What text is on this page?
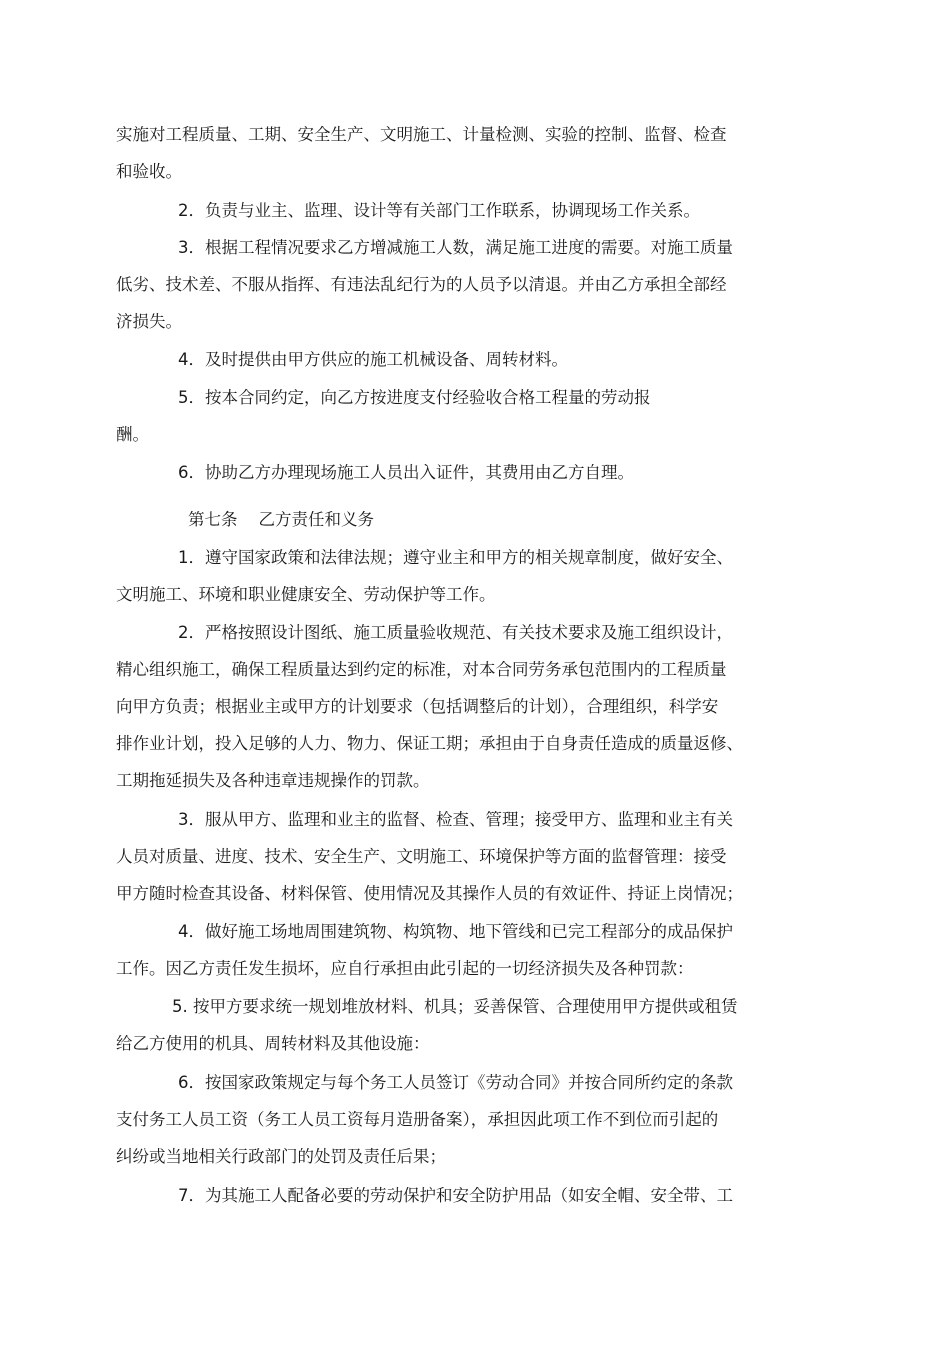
实施对工程质量、工期、安全生产、文明施工、计量检测、实验的控制、监督、检查
和验收。
2．负责与业主、监理、设计等有关部门工作联系，协调现场工作关系。
3．根据工程情况要求乙方增减施工人数，满足施工进度的需要。对施工质量
低劣、技术差、不服从指挥、有违法乱纪行为的人员予以清退。并由乙方承担全部经
济损失。
4．及时提供由甲方供应的施工机械设备、周转材料。
5．按本合同约定，向乙方按进度支付经验收合格工程量的劳动报
酬。
6．协助乙方办理现场施工人员出入证件，其费用由乙方自理。
第七条    乙方责任和义务
1．遵守国家政策和法律法规；遵守业主和甲方的相关规章制度，做好安全、
文明施工、环境和职业健康安全、劳动保护等工作。
2．严格按照设计图纸、施工质量验收规范、有关技术要求及施工组织设计，
精心组织施工，确保工程质量达到约定的标准，对本合同劳务承包范围内的工程质量
向甲方负责；根据业主或甲方的计划要求（包括调整后的计划），合理组织，科学安
排作业计划，投入足够的人力、物力、保证工期；承担由于自身责任造成的质量返修、
工期拖延损失及各种违章违规操作的罚款。
3．服从甲方、监理和业主的监督、检查、管理；接受甲方、监理和业主有关
人员对质量、进度、技术、安全生产、文明施工、环境保护等方面的监督管理：接受
甲方随时检查其设备、材料保管、使用情况及其操作人员的有效证件、持证上岗情况；
4．做好施工场地周围建筑物、构筑物、地下管线和已完工程部分的成品保护
工作。因乙方责任发生损坏，应自行承担由此引起的一切经济损失及各种罚款：
5. 按甲方要求统一规划堆放材料、机具；妥善保管、合理使用甲方提供或租赁
给乙方使用的机具、周转材料及其他设施：
6．按国家政策规定与每个务工人员签订《劳动合同》并按合同所约定的条款
支付务工人员工资（务工人员工资每月造册备案），承担因此项工作不到位而引起的
纠纷或当地相关行政部门的处罚及责任后果；
7．为其施工人配备必要的劳动保护和安全防护用品（如安全帽、安全带、工
